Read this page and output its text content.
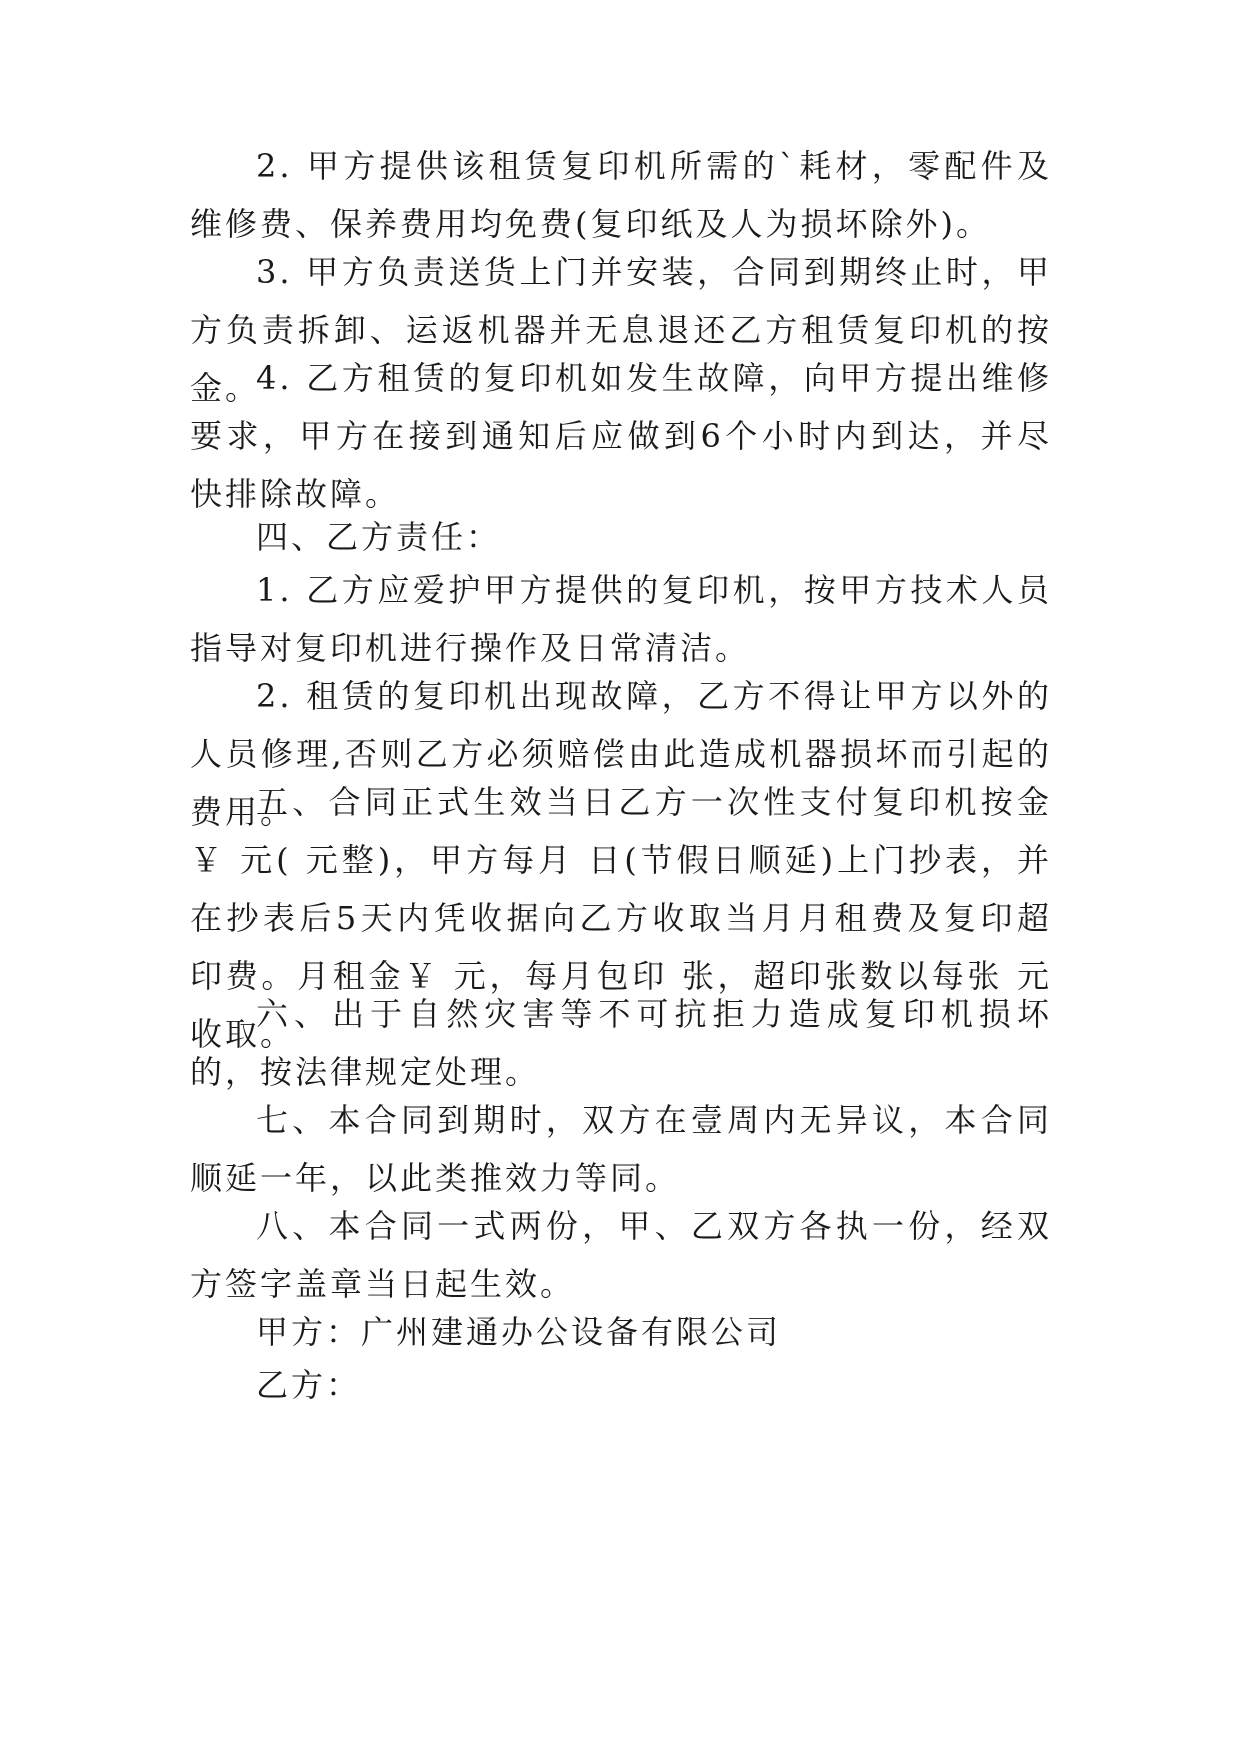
2. 甲方提供该租赁复印机所需的`耗材，零配件及维修费、保养费用均免费(复印纸及人为损坏除外)。

3. 甲方负责送货上门并安装，合同到期终止时，甲方负责拆卸、运返机器并无息退还乙方租赁复印机的按金。

4. 乙方租赁的复印机如发生故障，向甲方提出维修要求，甲方在接到通知后应做到6个小时内到达，并尽快排除故障。

四、乙方责任：

1. 乙方应爱护甲方提供的复印机，按甲方技术人员指导对复印机进行操作及日常清洁。

2. 租赁的复印机出现故障，乙方不得让甲方以外的人员修理,否则乙方必须赔偿由此造成机器损坏而引起的费用。

五、合同正式生效当日乙方一次性支付复印机按金 ￥ 元( 元整)，甲方每月 日(节假日顺延)上门抄表，并在抄表后5天内凭收据向乙方收取当月月租费及复印超印费。月租金￥ 元，每月包印 张，超印张数以每张 元收取。

六、出于自然灾害等不可抗拒力造成复印机损坏的，按法律规定处理。

七、本合同到期时，双方在壹周内无异议，本合同顺延一年，以此类推效力等同。

八、本合同一式两份，甲、乙双方各执一份，经双方签字盖章当日起生效。

甲方：广州建通办公设备有限公司

乙方：
